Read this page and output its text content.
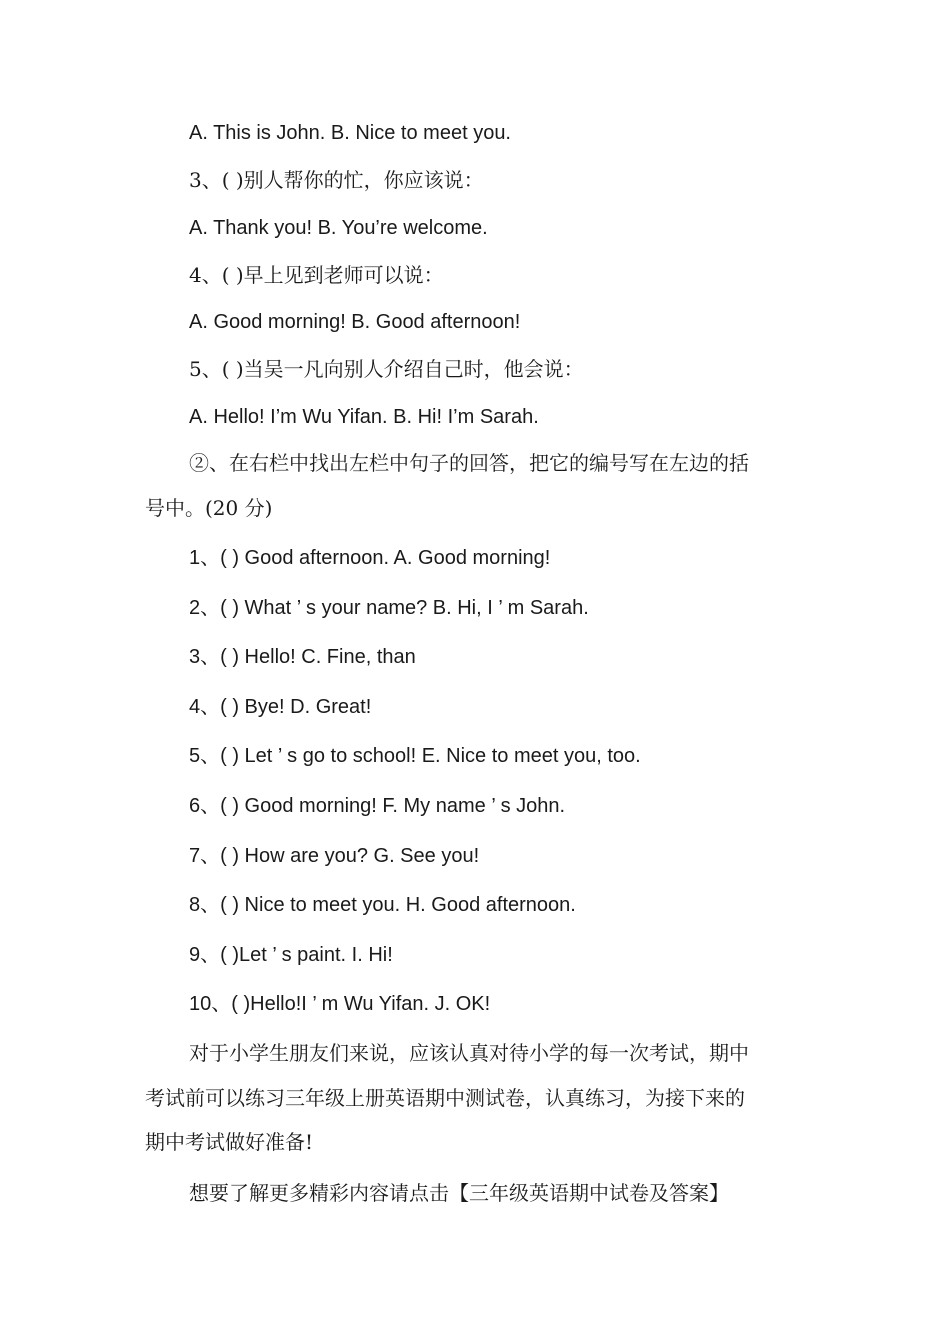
A. This is John. B. Nice to meet you.
3、( )别人帮你的忙，你应该说：
A. Thank you! B. You’re welcome.
4、( )早上见到老师可以说：
A. Good morning! B. Good afternoon!
5、( )当吴一凡向别人介绍自己时，他会说：
A. Hello! I’m Wu Yifan. B. Hi! I’m Sarah.
②、在右栏中找出左栏中句子的回答，把它的编号写在左边的括
号中。(20 分)
1、( ) Good afternoon. A. Good morning!
2、( ) What ’ s your name? B. Hi, I ’ m Sarah.
3、( ) Hello! C. Fine, than
4、( ) Bye! D. Great!
5、( ) Let ’ s go to school! E. Nice to meet you, too.
6、( ) Good morning! F. My name ’ s John.
7、( ) How are you? G. See you!
8、( ) Nice to meet you. H. Good afternoon.
9、( )Let ’ s paint. I. Hi!
10、( )Hello!I ’ m Wu Yifan. J. OK!
对于小学生朋友们来说，应该认真对待小学的每一次考试，期中
考试前可以练习三年级上册英语期中测试卷，认真练习，为接下来的
期中考试做好准备!
想要了解更多精彩内容请点击【三年级英语期中试卷及答案】
